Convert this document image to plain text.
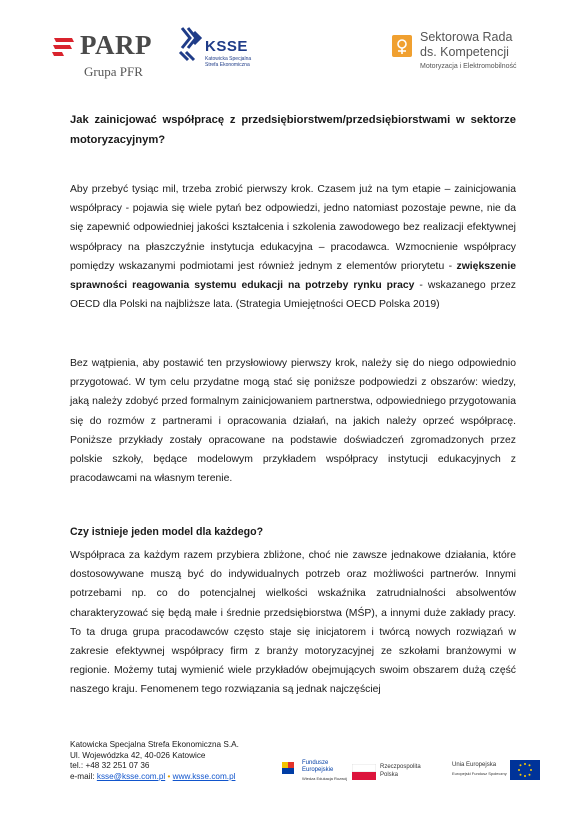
PARP
Grupa PFR
KSSE
Katowicka Specjalna Strefa Ekonomiczna
Sektorowa Rada
ds. Kompetencji
Motoryzacja i Elektromobilność
Jak zainicjować współpracę z przedsiębiorstwem/przedsiębiorstwami w sektorze motoryzacyjnym?
Aby przebyć tysiąc mil, trzeba zrobić pierwszy krok. Czasem już na tym etapie – zainicjowania współpracy - pojawia się wiele pytań bez odpowiedzi, jedno natomiast pozostaje pewne, nie da się zapewnić odpowiedniej jakości kształcenia i szkolenia zawodowego bez realizacji efektywnej współpracy na płaszczyźnie instytucja edukacyjna – pracodawca. Wzmocnienie współpracy pomiędzy wskazanymi podmiotami jest również jednym z elementów priorytetu - zwiększenie sprawności reagowania systemu edukacji na potrzeby rynku pracy - wskazanego przez OECD dla Polski na najbliższe lata. (Strategia Umiejętności OECD Polska 2019)
Bez wątpienia, aby postawić ten przysłowiowy pierwszy krok, należy się do niego odpowiednio przygotować. W tym celu przydatne mogą stać się poniższe podpowiedzi z obszarów: wiedzy, jaką należy zdobyć przed formalnym zainicjowaniem partnerstwa, odpowiedniego przygotowania się do rozmów z partnerami i opracowania działań, na jakich należy oprzeć współpracę. Poniższe przykłady zostały opracowane na podstawie doświadczeń zgromadzonych przez polskie szkoły, będące modelowym przykładem współpracy instytucji edukacyjnych z pracodawcami na własnym terenie.
Czy istnieje jeden model dla każdego?
Współpraca za każdym razem przybiera zbliżone, choć nie zawsze jednakowe działania, które dostosowywane muszą być do indywidualnych potrzeb oraz możliwości partnerów. Innymi potrzebami np. co do potencjalnej wielkości wskaźnika zatrudnialności absolwentów charakteryzować się będą małe i średnie przedsiębiorstwa (MŚP), a innymi duże zakłady pracy. To ta druga grupa pracodawców często staje się inicjatorem i twórcą nowych rozwiązań w zakresie efektywnej współpracy firm z branży motoryzacyjnej ze szkołami branżowymi w regionie. Możemy tutaj wymienić wiele przykładów obejmujących swoim obszarem dużą część naszego kraju. Fenomenem tego rozwiązania są jednak najczęściej
Katowicka Specjalna Strefa Ekonomiczna S.A.
Ul. Wojewódzka 42, 40-026 Katowice
tel.: +48 32 251 07 36
e-mail: ksse@ksse.com.pl • www.ksse.com.pl
Fundusze
Europejskie
Wiedza Edukacja Rozwój
Rzeczpospolita
Polska
Unia Europejska
Europejski Fundusz Społeczny
